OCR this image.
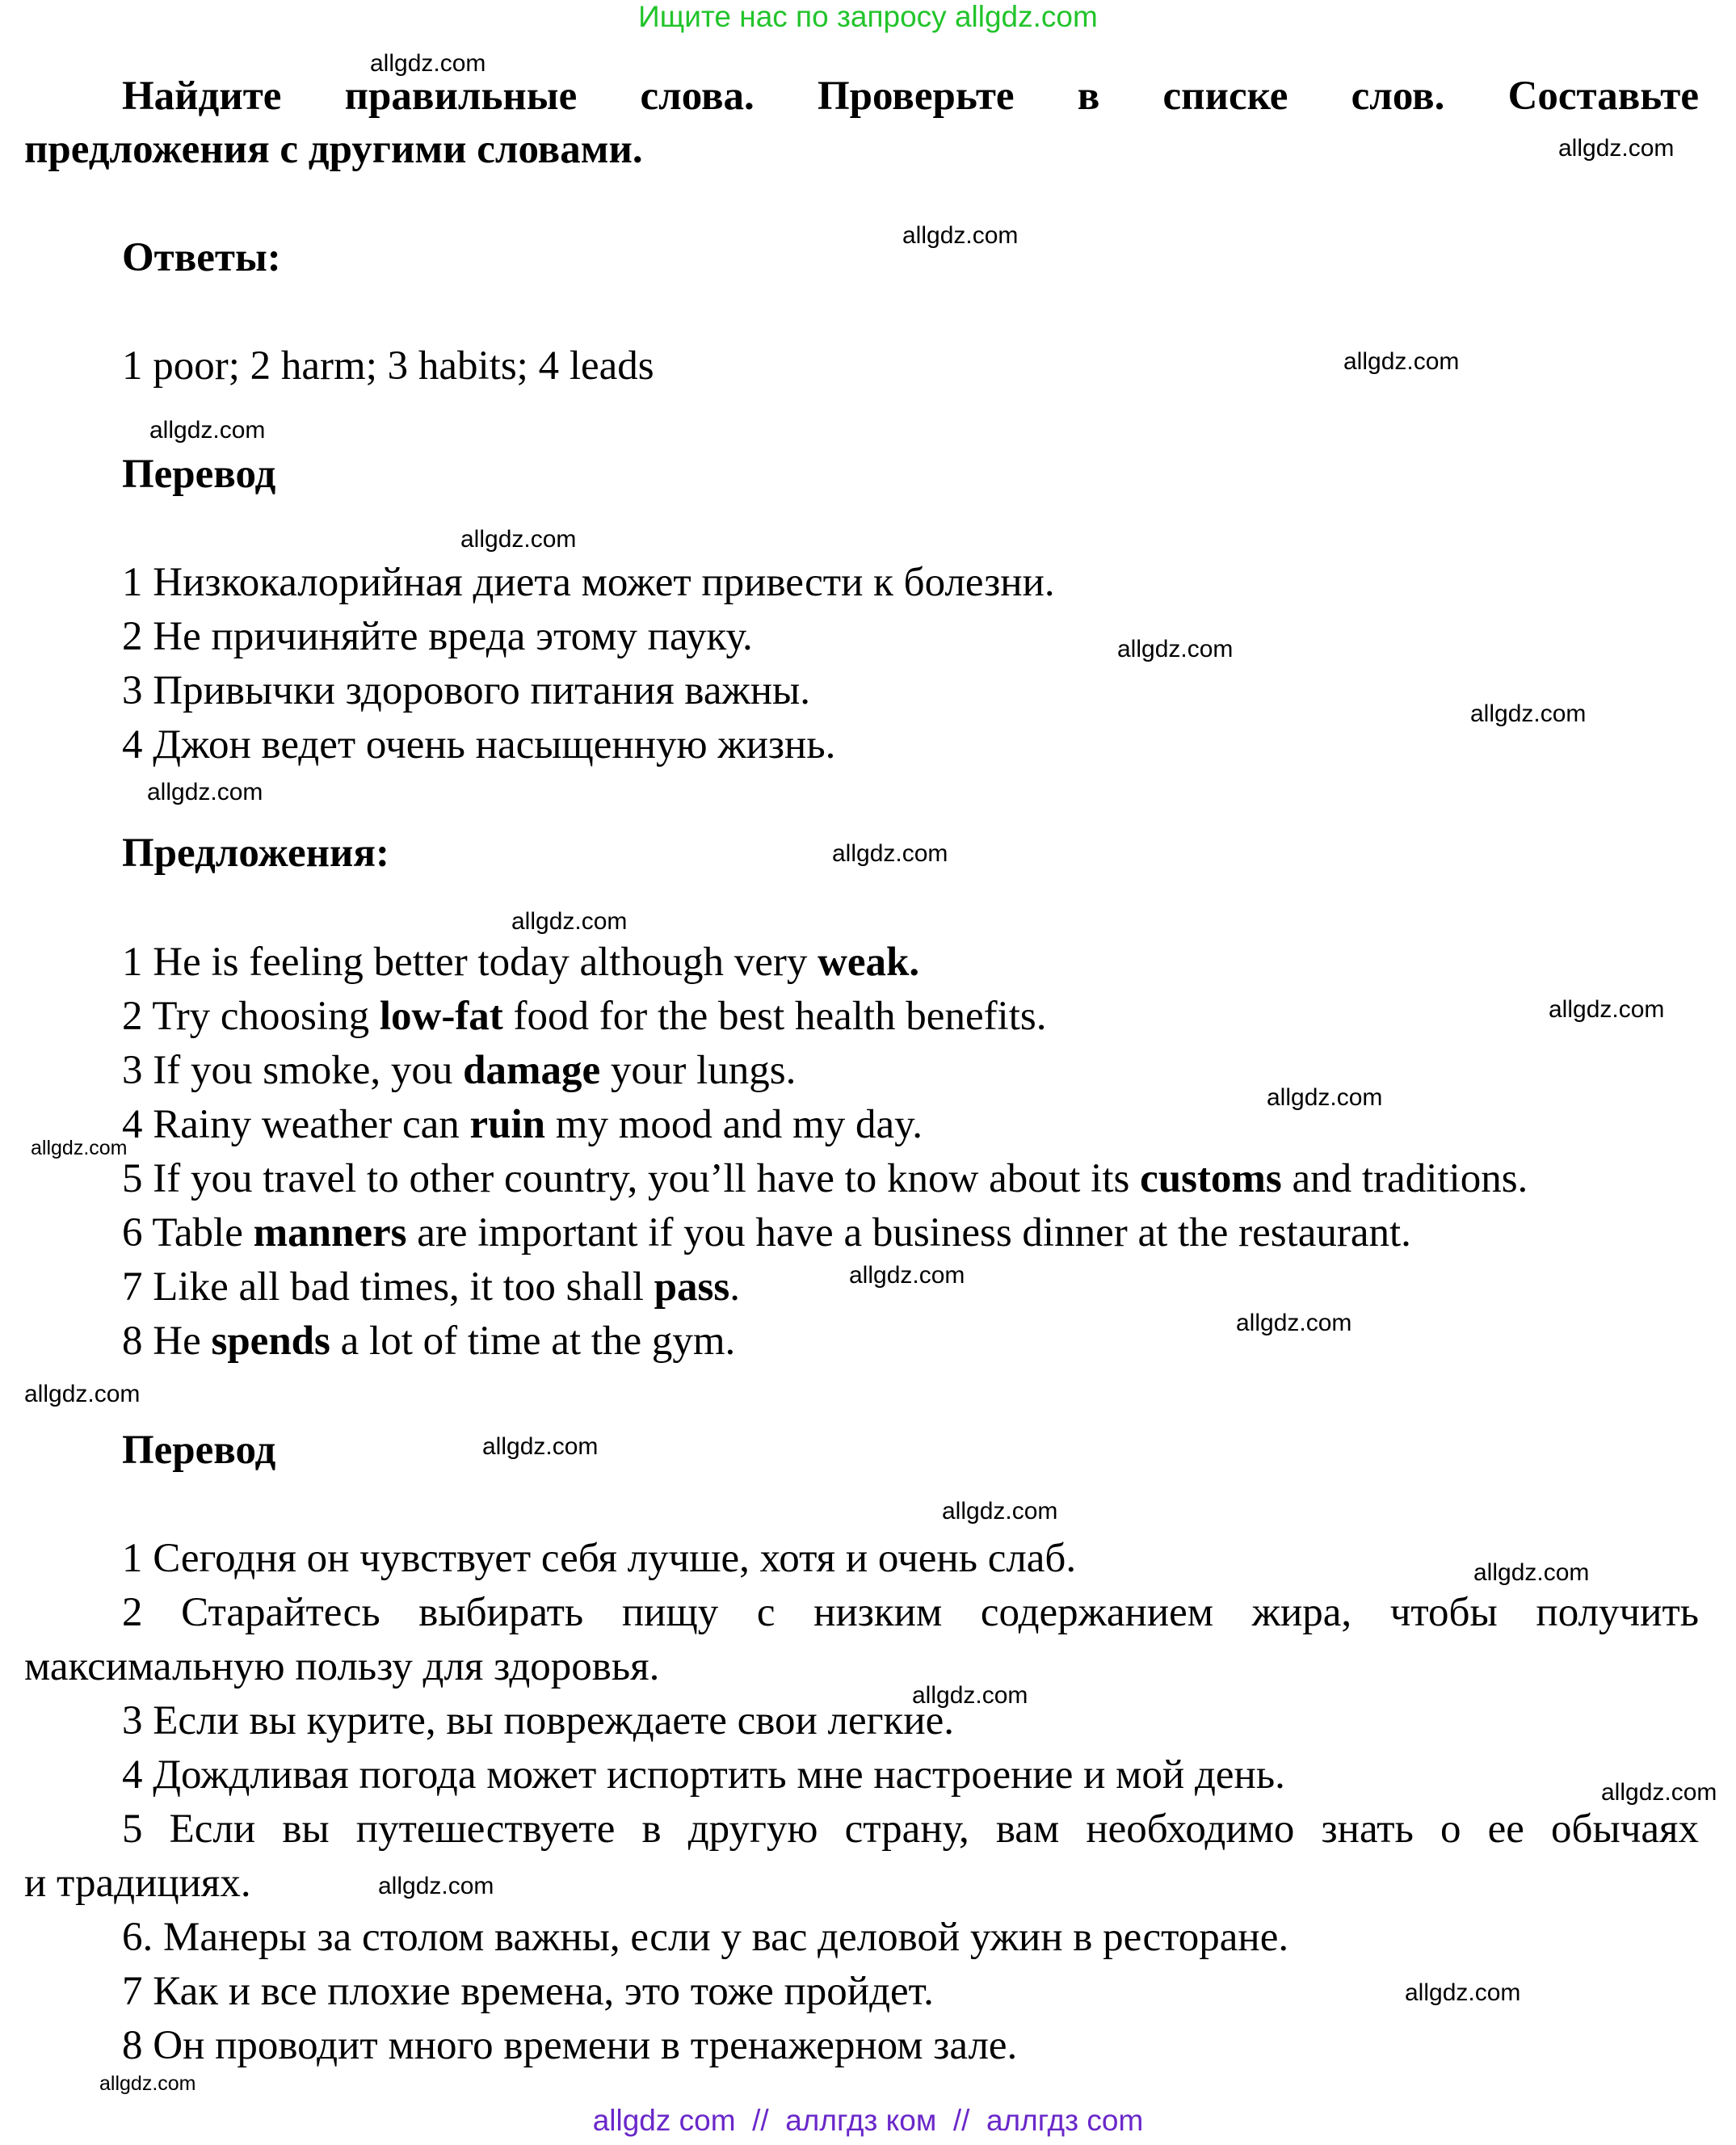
Ищите нас по запросу allgdz.com
Найдите правильные слова. Проверьте в списке слов. Составьте
предложения с другими словами.
Ответы:
1 poor; 2 harm; 3 habits; 4 leads
Перевод
1 Низкокалорийная диета может привести к болезни.
2 Не причиняйте вреда этому пауку.
3 Привычки здорового питания важны.
4 Джон ведет очень насыщенную жизнь.
Предложения:
1 He is feeling better today although very weak.
2 Try choosing low-fat food for the best health benefits.
3 If you smoke, you damage your lungs.
4 Rainy weather can ruin my mood and my day.
5 If you travel to other country, you’ll have to know about its customs and traditions.
6 Table manners are important if you have a business dinner at the restaurant.
7 Like all bad times, it too shall pass.
8 He spends a lot of time at the gym.
Перевод
1 Сегодня он чувствует себя лучше, хотя и очень слаб.
2 Старайтесь выбирать пищу с низким содержанием жира, чтобы получить
максимальную пользу для здоровья.
3 Если вы курите, вы повреждаете свои легкие.
4 Дождливая погода может испортить мне настроение и мой день.
5 Если вы путешествуете в другую страну, вам необходимо знать о ее обычаях
и традициях.
6. Манеры за столом важны, если у вас деловой ужин в ресторане.
7 Как и все плохие времена, это тоже пройдет.
8 Он проводит много времени в тренажерном зале.
allgdz.com
allgdz.com
allgdz.com
allgdz.com
allgdz.com
allgdz.com
allgdz.com
allgdz.com
allgdz.com
allgdz.com
allgdz.com
allgdz.com
allgdz.com
allgdz.com
allgdz.com
allgdz.com
allgdz.com
allgdz.com
allgdz.com
allgdz.com
allgdz.com
allgdz.com
allgdz.com
allgdz.com
allgdz.com
allgdz com  //  аллгдз ком  //  аллгдз com
